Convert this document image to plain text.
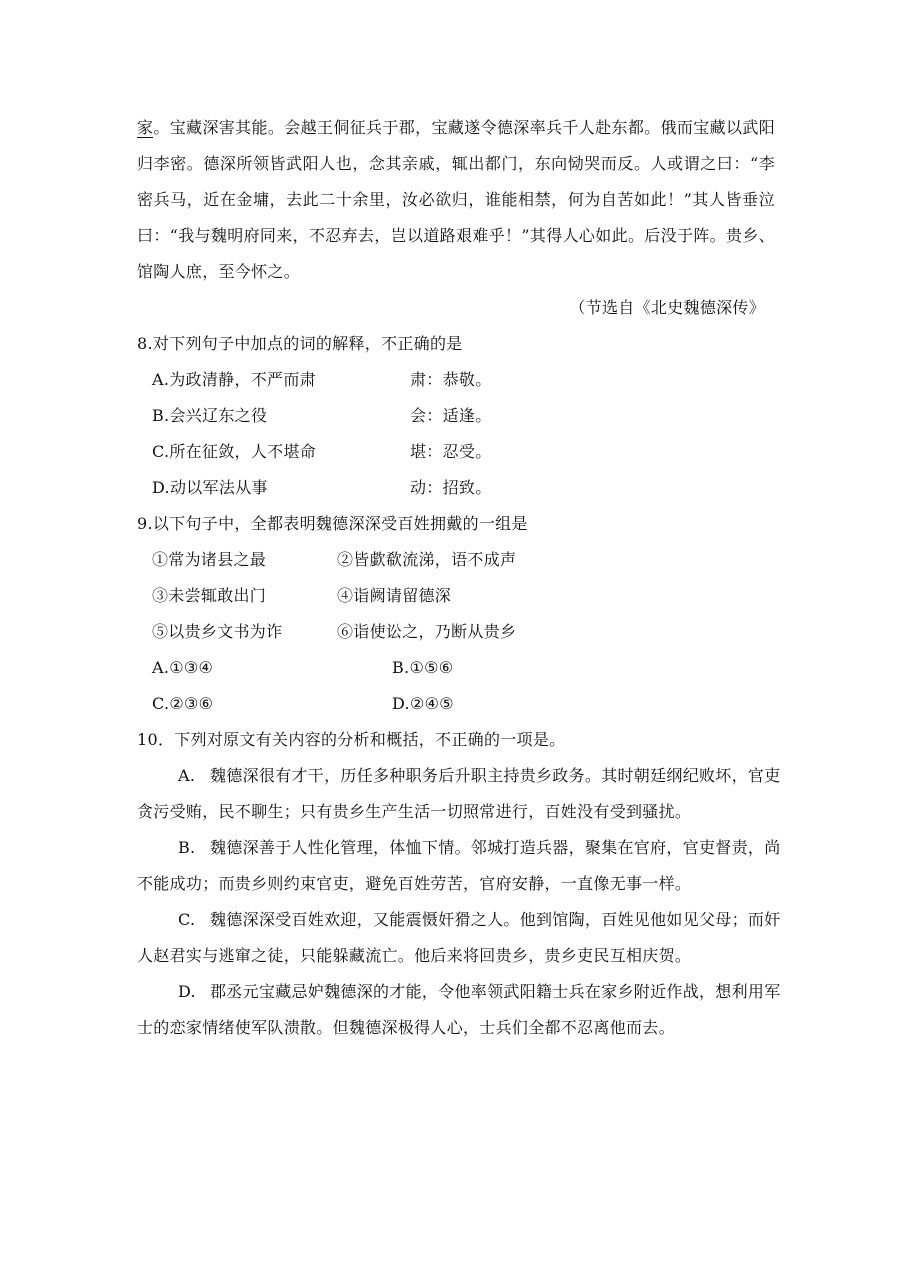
家。宝藏深害其能。会越王侗征兵于郡，宝藏遂令德深率兵千人赴东都。俄而宝藏以武阳
归李密。德深所领皆武阳人也，念其亲戚，辄出都门，东向恸哭而反。人或谓之曰：“李
密兵马，近在金墉，去此二十余里，汝必欲归，谁能相禁，何为自苦如此！”其人皆垂泣
曰：“我与魏明府同来，不忍弃去，岂以道路艰难乎！”其得人心如此。后没于阵。贵乡、
馆陶人庶，至今怀之。
（节选自《北史魏德深传》
8.对下列句子中加点的词的解释，不正确的是
A.为政清静，不严而肃	肃：恭敬。
B.会兴辽东之役	会：适逢。
C.所在征敛，人不堪命	堪：忍受。
D.动以军法从事	动：招致。
9.以下句子中，全都表明魏德深深受百姓拥戴的一组是
①常为诸县之最	②皆歔欷流涕，语不成声
③未尝辄敢出门	④诣阙请留德深
⑤以贵乡文书为诈	⑥诣使讼之，乃断从贵乡
A.①③④	B.①⑤⑥
C.②③⑥	D.②④⑤
10．下列对原文有关内容的分析和概括，不正确的一项是。
A. 魏德深很有才干，历任多种职务后升职主持贵乡政务。其时朝廷纲纪败坏，官吏
贪污受贿，民不聊生；只有贵乡生产生活一切照常进行，百姓没有受到骚扰。
B. 魏德深善于人性化管理，体恤下情。邻城打造兵器，聚集在官府，官吏督责，尚
不能成功；而贵乡则约束官吏，避免百姓劳苦，官府安静，一直像无事一样。
C. 魏德深深受百姓欢迎，又能震慑奸猾之人。他到馆陶，百姓见他如见父母；而奸
人赵君实与逃窜之徒，只能躲藏流亡。他后来将回贵乡，贵乡吏民互相庆贺。
D. 郡丞元宝藏忌妒魏德深的才能，令他率领武阳籍士兵在家乡附近作战，想利用军
士的恋家情绪使军队溃散。但魏德深极得人心，士兵们全都不忍离他而去。
